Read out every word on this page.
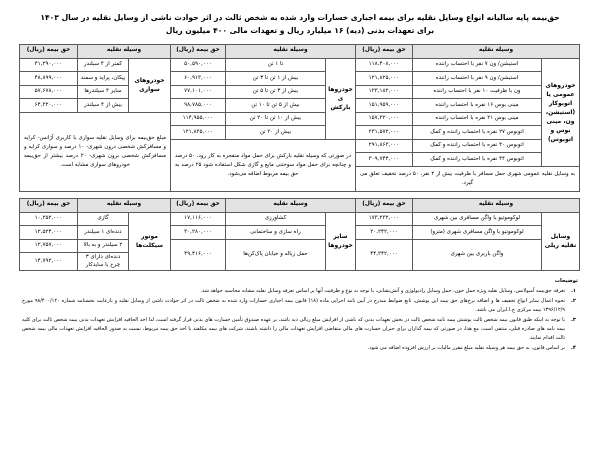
حق‌بیمه پایه سالیانه انواع وسایل نقلیه برای بیمه اجباری خسارات وارد شده به شخص ثالث در اثر حوادث ناشی از وسایل نقلیه در سال ۱۴۰۳
برای تعهدات بدنی (دیه) ۱۶ میلیارد ریال و تعهدات مالی ۴۰۰ میلیون ریال
وسیله نقلیه		حق بیمه (ریال)	وسیله نقلیه		حق بیمه (ریال)	وسیله نقلیه		حق بیمه (ریال)
خودروهای عمومی یا اتوبوکار (استیشن، ون، مینی بوس و اتوبوس)	استیشن/ ون ۷ نفر با احتساب راننده	۱۱۸,۴۰۸,۰۰۰	خودروهای بارکش	تا ۱ تن	۵۰,۵۹۰,۰۰۰	خودروهای سواری	کمتر از ۴ سیلندر	۴۱,۲۹۰,۰۰۰
	استیشن/ ون ۹ نفر با احتساب راننده	۱۲۱,۸۲۵,۰۰۰		بیش از ۱ تن تا ۳ تن	۶۰,۹۱۳,۰۰۰		پیکان، پراید و سمند	۴۸,۸۹۹,۰۰۰
	ون با ظرفیت ۱۰ نفر با احتساب راننده	۱۲۳,۱۸۲,۰۰۰		بیش از ۳ تن تا ۵ تن	۷۷,۱۰۱,۰۰۰		سایر ۴ سیلندر‌ها	۵۷,۶۷۸,۰۰۰
	مینی بوس ۱۶ نفره با احتساب راننده	۱۵۱,۹۵۹,۰۰۰		بیش از ۵ تن تا ۱۰ تن	۹۸,۷۸۵,۰۰۰		بیش از ۴ سیلندر	۶۴,۳۲۰,۰۰۰
	مینی بوس ۲۱ نفره با احتساب راننده	۱۵۷,۳۲۰,۰۰۰		بیش از ۱۰ تن تا ۲۰ تن	۱۱۴,۹۵۵,۰۰۰	مبلغ حق‌بیمه برای وسایل نقلیه سواری با کاربری آژانس- کرایه و مسافرکش شخصی درون شهری- ۱۰ درصد و سواری کرایه و مسافرکش شخصی برون شهری- ۲۰ درصد بیشتر از حق‌بیمه خودروهای سواری مشابه است.		
	اتوبوس ۲۷ نفره با احتساب راننده و کمک	۲۳۱,۵۷۲,۰۰۰		بیش از ۲۰ تن	۱۲۱,۸۲۵,۰۰۰			
	اتوبوس ۴۰ نفره با احتساب راننده و کمک	۲۹۱,۸۶۳,۰۰۰	در صورتی که وسیله نقلیه بارکش برای حمل مواد منفجره به کار رود، ۵۰ درصد و چنانچه برای حمل مواد سوختنی مایع و گازی شکل استفاده شود ۲۵ درصد به حق بیمه مربوط اضافه می‌شود.					
	اتوبوس ۴۴ نفره با احتساب راننده و کمک	۳۰۹,۷۴۴,۰۰۰						
به وسایل نقلیه عمومی شهری حمل مسافر با ظرفیت بیش از ۴ نفر، ۵۰ درصد تخفیف تعلق می گیرد.								
وسیله نقلیه		حق بیمه (ریال)	وسیله نقلیه		حق بیمه (ریال)	وسیله نقلیه		حق بیمه (ریال)
وسایل نقلیه ریلی	لوکوموتیو یا واگن مسافری بین شهری	۱۷۳,۲۳۲,۰۰۰	سایر خودروها	کشاورزی	۱۷,۱۱۶,۰۰۰	موتور سیکلت‌ها	گازی	۱۰,۲۵۲,۰۰۰
	لوکوموتیو یا واگن مسافری شهری (مترو)	۲۰,۲۴۲,۰۰۰		راه سازی و ساختمانی	۳۰,۲۸۰,۰۰۰		دنده‌ای ۱ سیلندر	۱۲,۵۲۴,۰۰۰
	واگن باربری بین شهری	۴۴,۳۴۲,۰۰۰		حمل زباله و خیابان پاک‌کن‌ها	۴۹,۴۱۶,۰۰۰		۲ سیلندر و به بالا	۱۲,۷۵۷,۰۰۰
							دنده‌ای دارای ۳ چرخ یا سایدکار	۱۴,۷۹۲,۰۰۰
توضیحات
۱.
تعرفه حق‌بیمه آمبولانس، وسایل نقلیه ویژه حمل خون، حمل وسایل رادیولوژی و آتش‌نشانی، با توجه به نوع و ظرفیت آنها بر اساس تعرفه وسایل نقلیه مشابه محاسبه خواهد شد.
۲.
نحوه اعمال سایر انواع تخفیف ها و اضافه نرخ‌های حق بیمه این پوشش، تابع ضوابط مندرج در آیین نامه اجرایی ماده (۱۸) قانون بیمه اجباری خسارات وارد شده به شخص ثالث در اثر حوادث ناشی از وسایل نقلیه و بارعایت بخشنامه شماره ۹۸/۴۰۰/۱۲۰ مورخ ۱۳۹۶/۱۲/۹ بیمه مرکزی ج.ا.ایران می باشد.
۳.
با توجه به اینکه طبق قانون بیمه شخص ثالث پوشش بیمه نامه شخص ثالث در بخش تعهدات بدنی که ناشی از افزایش مبلغ ریالی دیه باشد، بر عهده صندوق تأمین خسارت های بدنی قرار گرفته است، لذا اخذ الحاقیه افزایش تعهدات بدنی بیمه شخص ثالث برای کلیه بیمه نامه های صادره قبلی، منتفی است. مع هذا، در صورتی که بیمه گذاران برای جبران خسارت های مالی متقاضی افزایش تعهدات مالی را داشته باشند، شرکت های بیمه مکلفند با اخذ حق بیمه مربوط، نسبت به صدور الحاقیه افزایش تعهدات مالی بیمه شخص ثالث اقدام نمایند.
۴.
بر اساس قانون، به حق بیمه هر وسیله نقلیه مبلغ مقرر مالیات بر ارزش افزوده اضافه می شود.
